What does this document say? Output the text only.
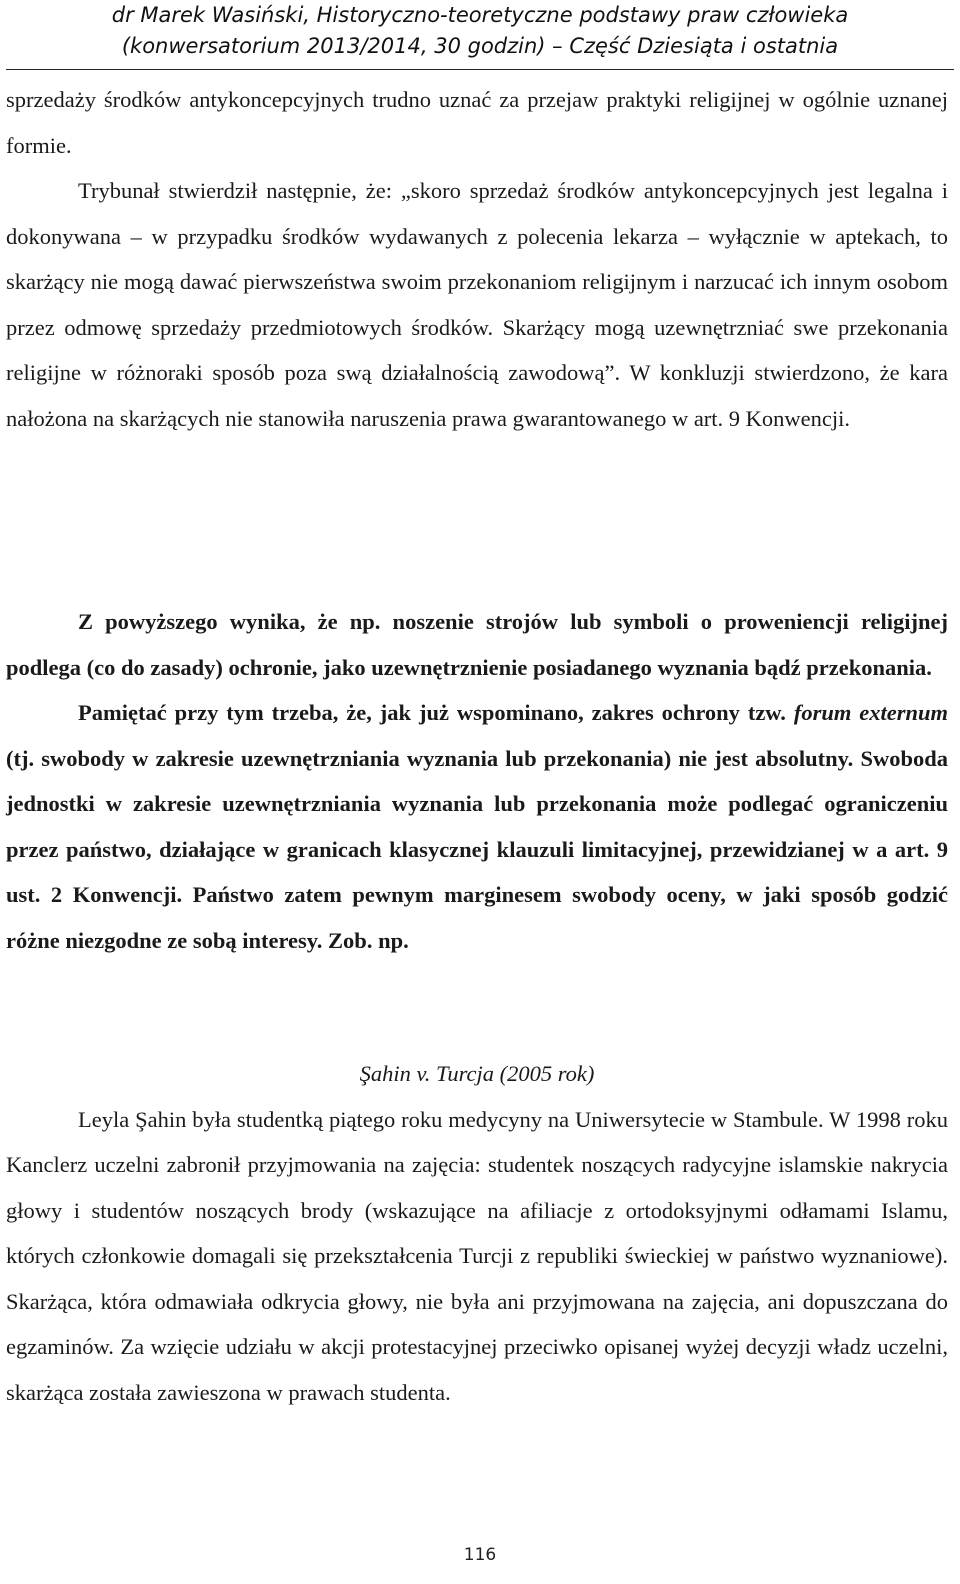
dr Marek Wasiński, Historyczno-teoretyczne podstawy praw człowieka
(konwersatorium 2013/2014, 30 godzin) – Część Dziesiąta i ostatnia

sprzedaży środków antykoncepcyjnych trudno uznać za przejaw praktyki religijnej w ogólnie uznanej formie.

Trybunał stwierdził następnie, że: „skoro sprzedaż środków antykoncepcyjnych jest legalna i dokonywana – w przypadku środków wydawanych z polecenia lekarza – wyłącznie w aptekach, to skarżący nie mogą dawać pierwszeństwa swoim przekonaniom religijnym i narzucać ich innym osobom przez odmowę sprzedaży przedmiotowych środków. Skarżący mogą uzewnętrzniać swe przekonania religijne w różnoraki sposób poza swą działalnością zawodową”. W konkluzji stwierdzono, że kara nałożona na skarżących nie stanowiła naruszenia prawa gwarantowanego w art. 9 Konwencji.

Z powyższego wynika, że np. noszenie strojów lub symboli o proweniencji religijnej podlega (co do zasady) ochronie, jako uzewnętrznienie posiadanego wyznania bądź przekonania.

Pamiętać przy tym trzeba, że, jak już wspominano, zakres ochrony tzw. forum externum (tj. swobody w zakresie uzewnętrzniania wyznania lub przekonania) nie jest absolutny. Swoboda jednostki w zakresie uzewnętrzniania wyznania lub przekonania może podlegać ograniczeniu przez państwo, działające w granicach klasycznej klauzuli limitacyjnej, przewidzianej w a art. 9 ust. 2 Konwencji. Państwo zatem pewnym marginesem swobody oceny, w jaki sposób godzić różne niezgodne ze sobą interesy. Zob. np.

Şahin v. Turcja (2005 rok)

Leyla Şahin była studentką piątego roku medycyny na Uniwersytecie w Stambule. W 1998 roku Kanclerz uczelni zabronił przyjmowania na zajęcia: studentek noszących radycyjne islamskie nakrycia głowy i studentów noszących brody (wskazujące na afiliacje z ortodoksyjnymi odłamami Islamu, których członkowie domagali się przekształcenia Turcji z republiki świeckiej w państwo wyznaniowe). Skarżąca, która odmawiała odkrycia głowy, nie była ani przyjmowana na zajęcia, ani dopuszczana do egzaminów. Za wzięcie udziału w akcji protestacyjnej przeciwko opisanej wyżej decyzji władz uczelni, skarżąca została zawieszona w prawach studenta.

116
